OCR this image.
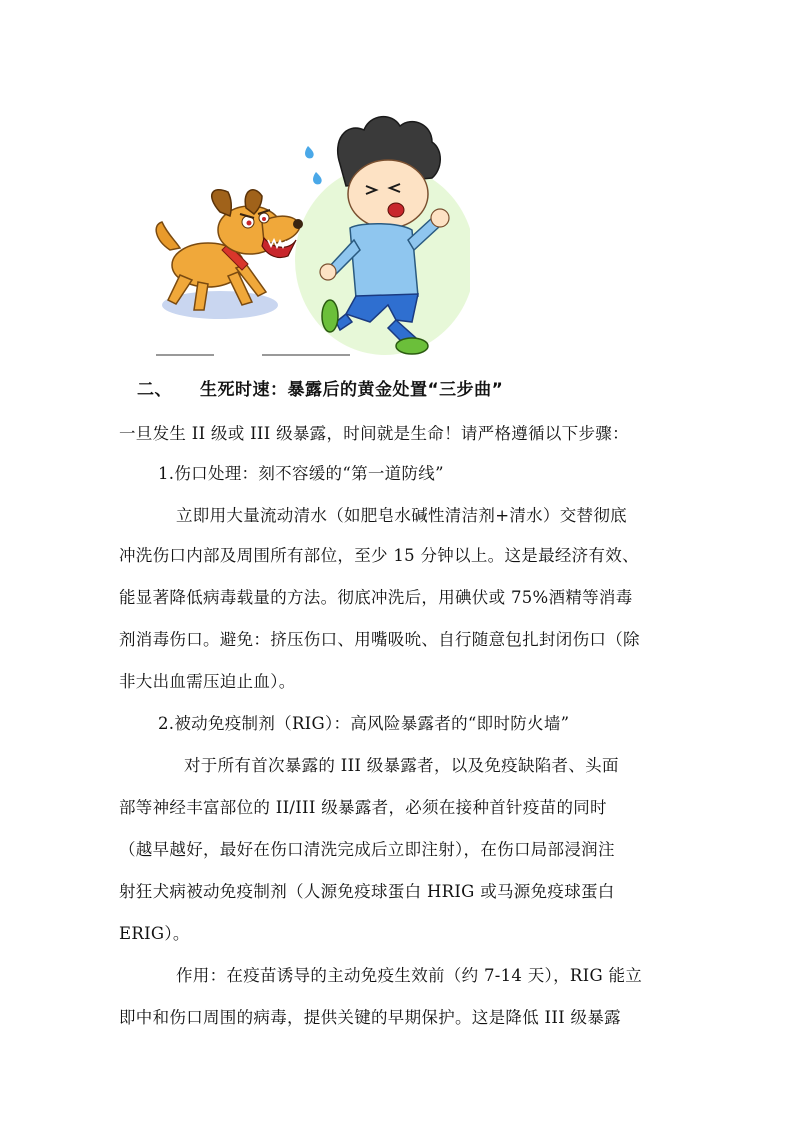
二、 生死时速：暴露后的黄金处置“三步曲”
一旦发生 II 级或 III 级暴露，时间就是生命！请严格遵循以下步骤：
1.伤口处理：刻不容缓的“第一道防线”
立即用大量流动清水（如肥皂水碱性清洁剂+清水）交替彻底
冲洗伤口内部及周围所有部位，至少 15 分钟以上。这是最经济有效、
能显著降低病毒载量的方法。彻底冲洗后，用碘伏或 75%酒精等消毒
剂消毒伤口。避免：挤压伤口、用嘴吸吮、自行随意包扎封闭伤口（除
非大出血需压迫止血）。
2.被动免疫制剂（RIG）：高风险暴露者的“即时防火墙”
对于所有首次暴露的 III 级暴露者，以及免疫缺陷者、头面
部等神经丰富部位的 II/III 级暴露者，必须在接种首针疫苗的同时
（越早越好，最好在伤口清洗完成后立即注射），在伤口局部浸润注
射狂犬病被动免疫制剂（人源免疫球蛋白 HRIG 或马源免疫球蛋白
ERIG）。
作用：在疫苗诱导的主动免疫生效前（约 7-14 天），RIG 能立
即中和伤口周围的病毒，提供关键的早期保护。这是降低 III 级暴露
